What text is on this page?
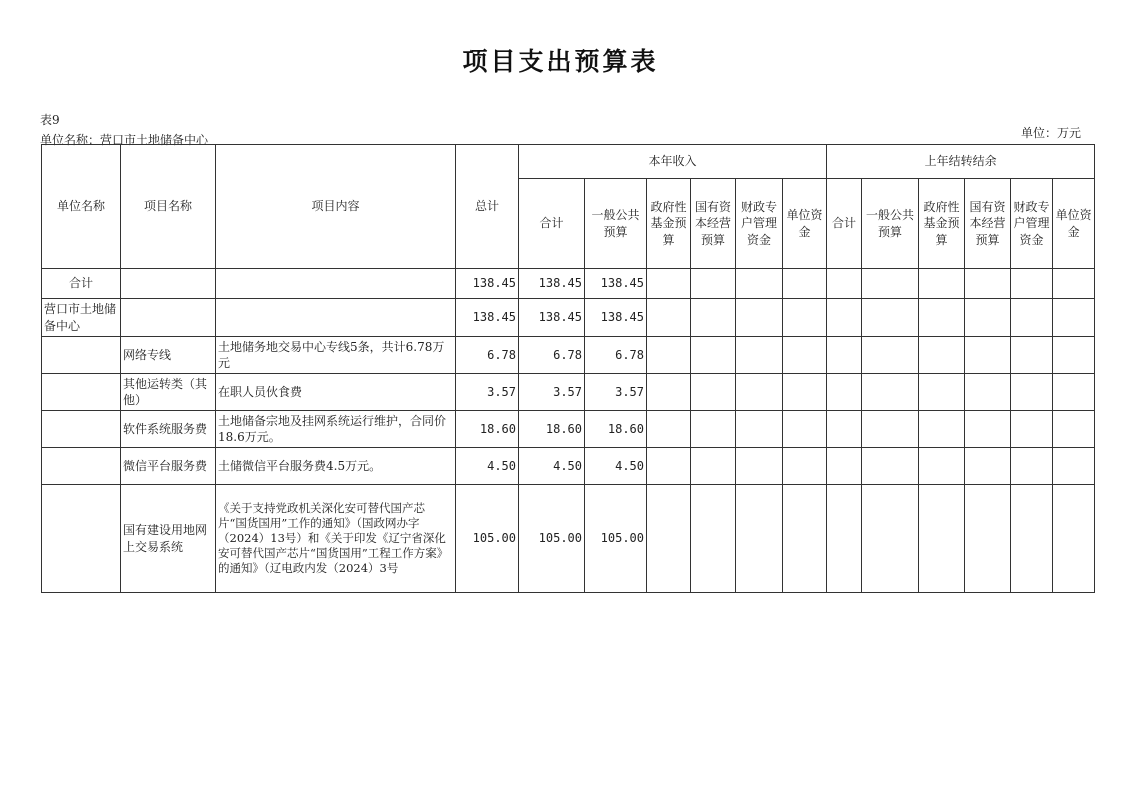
项目支出预算表
表9
单位名称：营口市土地储备中心	单位：万元
单位名称	项目名称	项目内容	总计	本年收入						上年结转结余					
				合计	一般公共预算	政府性基金预算	国有资本经营预算	财政专户管理资金	单位资金	合计	一般公共预算	政府性基金预算	国有资本经营预算	财政专户管理资金	单位资金
合计			138.45	138.45	138.45										
营口市土地储备中心			138.45	138.45	138.45										
	网络专线	土地储务地交易中心专线5条，共计6.78万元	6.78	6.78	6.78										
	其他运转类（其他）	在职人员伙食费	3.57	3.57	3.57										
	软件系统服务费	土地储备宗地及挂网系统运行维护，合同价18.6万元。	18.60	18.60	18.60										
	微信平台服务费	土储微信平台服务费4.5万元。	4.50	4.50	4.50										
	国有建设用地网上交易系统	《关于支持党政机关深化安可替代国产芯片“国货国用”工作的通知》（国政网办字（2024）13号）和《关于印发《辽宁省深化安可替代国产芯片“国货国用”工程工作方案》的通知》（辽电政内发（2024）3号	105.00	105.00	105.00										
